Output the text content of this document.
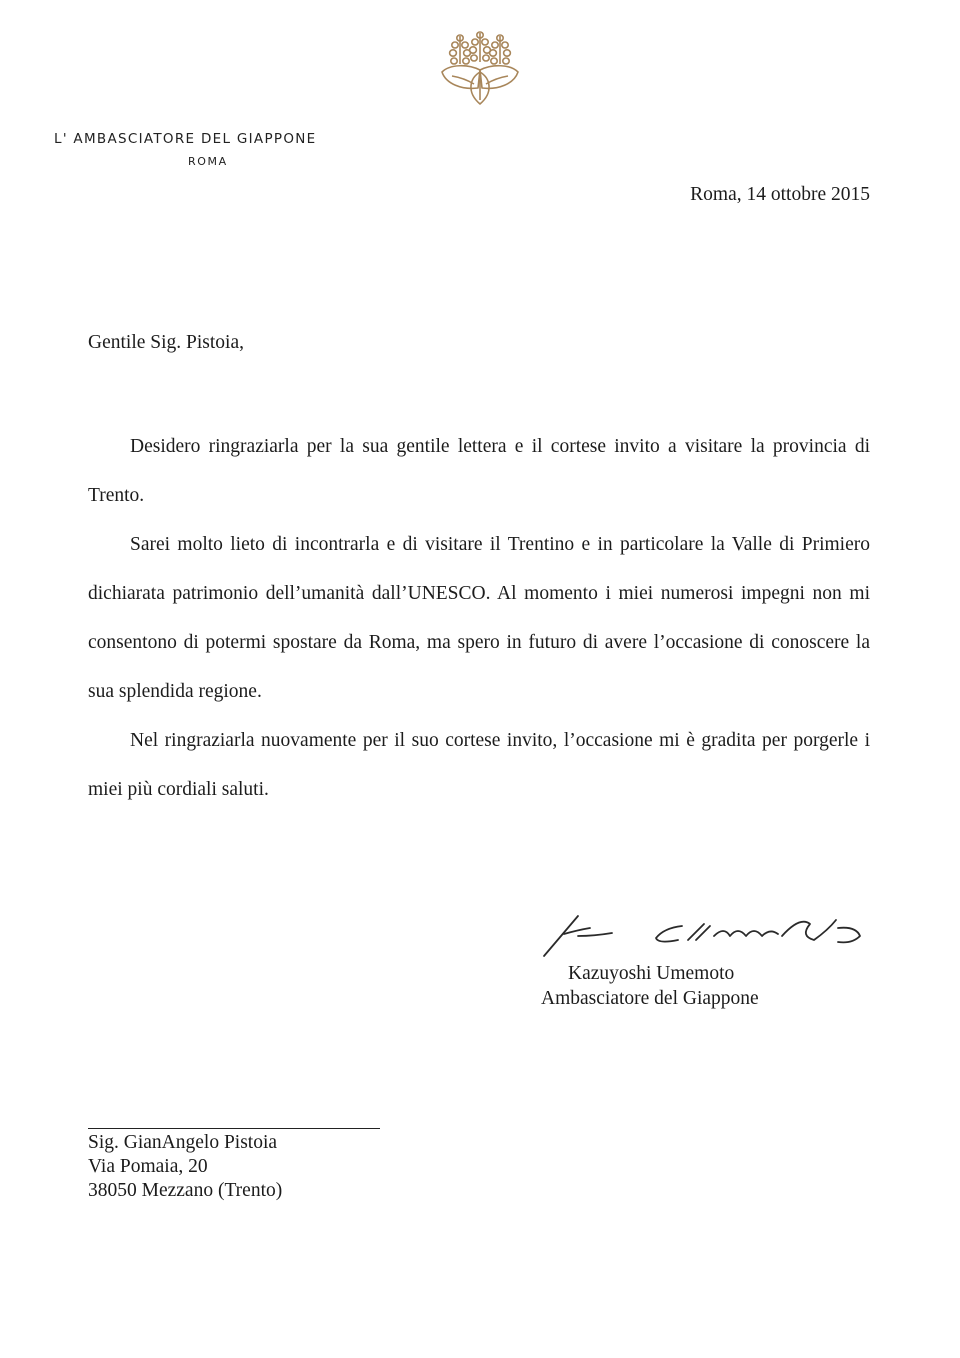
L' AMBASCIATORE DEL GIAPPONE
ROMA
Roma, 14 ottobre 2015
Gentile Sig. Pistoia,

Desidero ringraziarla per la sua gentile lettera e il cortese invito a visitare la provincia di Trento.

Sarei molto lieto di incontrarla e di visitare il Trentino e in particolare la Valle di Primiero dichiarata patrimonio dell’umanità dall’UNESCO. Al momento i miei numerosi impegni non mi consentono di potermi spostare da Roma, ma spero in futuro di avere l’occasione di conoscere la sua splendida regione.

Nel ringraziarla nuovamente per il suo cortese invito, l’occasione mi è gradita per porgerle i miei più cordiali saluti.

Kazuyoshi Umemoto
Ambasciatore del Giappone
Sig. GianAngelo Pistoia
Via Pomaia, 20
38050 Mezzano (Trento)
